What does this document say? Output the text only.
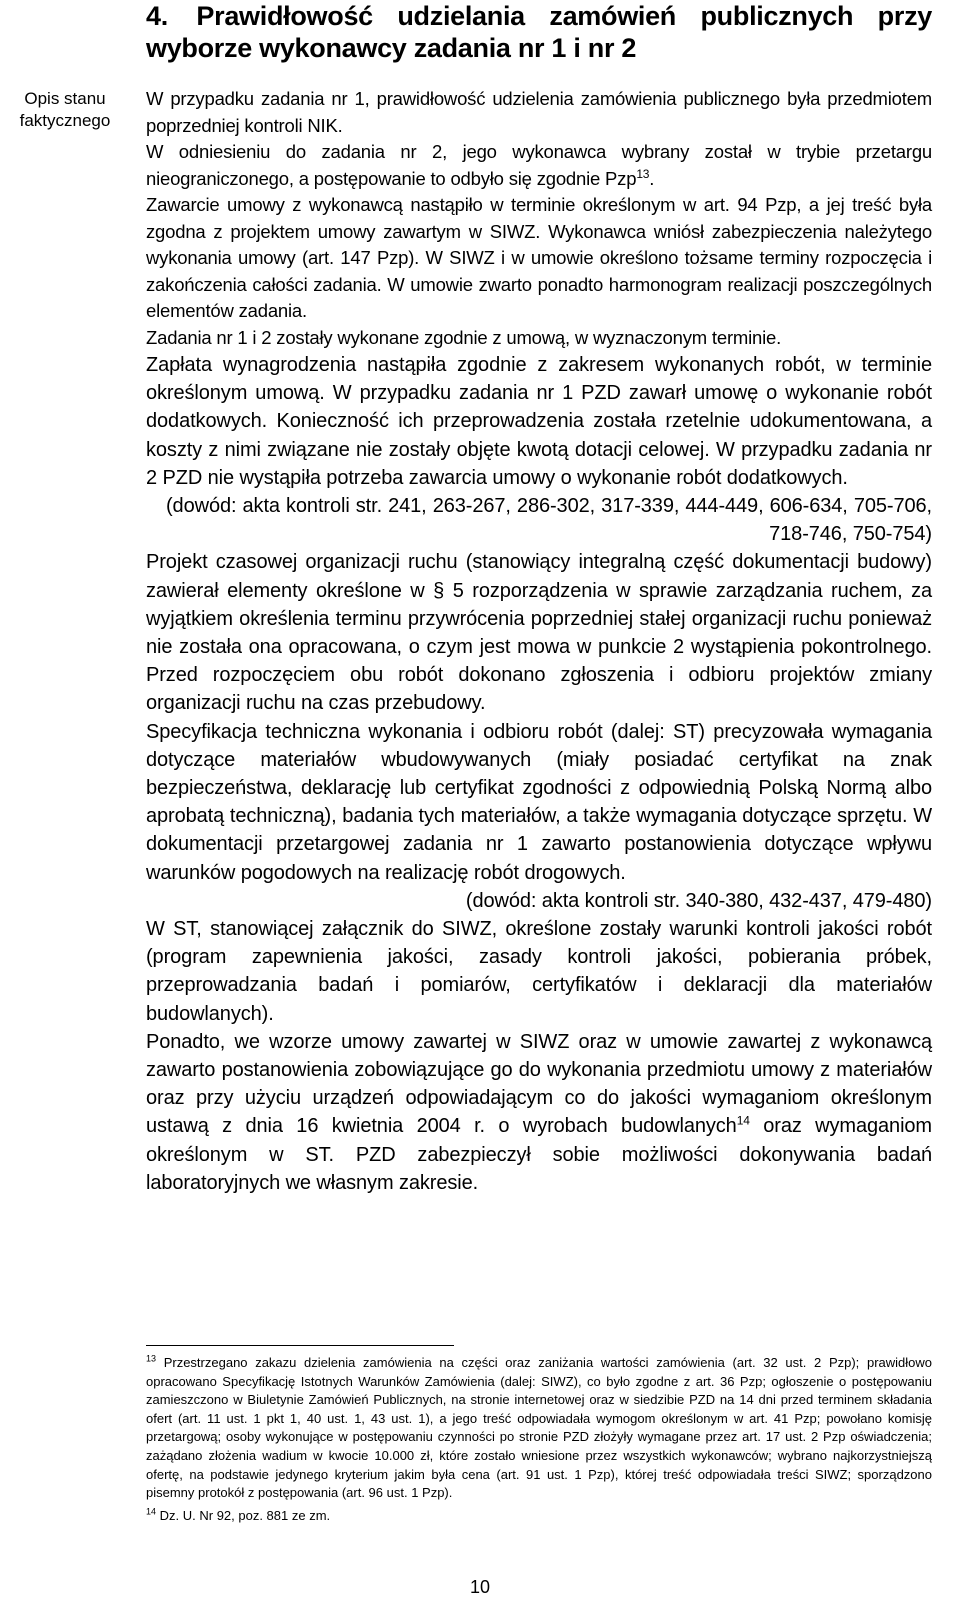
4. Prawidłowość udzielania zamówień publicznych przy wyborze wykonawcy zadania nr 1 i nr 2
Opis stanu faktycznego

W przypadku zadania nr 1, prawidłowość udzielenia zamówienia publicznego była przedmiotem poprzedniej kontroli NIK.

W odniesieniu do zadania nr 2, jego wykonawca wybrany został w trybie przetargu nieograniczonego, a postępowanie to odbyło się zgodnie Pzp$^{13}$.

Zawarcie umowy z wykonawcą nastąpiło w terminie określonym w art. 94 Pzp, a jej treść była zgodna z projektem umowy zawartym w SIWZ. Wykonawca wniósł zabezpieczenia należytego wykonania umowy (art. 147 Pzp). W SIWZ i w umowie określono tożsame terminy rozpoczęcia i zakończenia całości zadania. W umowie zwarto ponadto harmonogram realizacji poszczególnych elementów zadania.

Zadania nr 1 i 2 zostały wykonane zgodnie z umową, w wyznaczonym terminie.

Zapłata wynagrodzenia nastąpiła zgodnie z zakresem wykonanych robót, w terminie określonym umową. W przypadku zadania nr 1 PZD zawarł umowę o wykonanie robót dodatkowych. Konieczność ich przeprowadzenia została rzetelnie udokumentowana, a koszty z nimi związane nie zostały objęte kwotą dotacji celowej. W przypadku zadania nr 2 PZD nie wystąpiła potrzeba zawarcia umowy o wykonanie robót dodatkowych.

(dowód: akta kontroli str. 241, 263-267, 286-302, 317-339, 444-449, 606-634, 705-706, 718-746, 750-754)

Projekt czasowej organizacji ruchu (stanowiący integralną część dokumentacji budowy) zawierał elementy określone w § 5 rozporządzenia w sprawie zarządzania ruchem, za wyjątkiem określenia terminu przywrócenia poprzedniej stałej organizacji ruchu ponieważ nie została ona opracowana, o czym jest mowa w punkcie 2 wystąpienia pokontrolnego. Przed rozpoczęciem obu robót dokonano zgłoszenia i odbioru projektów zmiany organizacji ruchu na czas przebudowy.

Specyfikacja techniczna wykonania i odbioru robót (dalej: ST) precyzowała wymagania dotyczące materiałów wbudowywanych (miały posiadać certyfikat na znak bezpieczeństwa, deklarację lub certyfikat zgodności z odpowiednią Polską Normą albo aprobatą techniczną), badania tych materiałów, a także wymagania dotyczące sprzętu. W dokumentacji przetargowej zadania nr 1 zawarto postanowienia dotyczące wpływu warunków pogodowych na realizację robót drogowych.

(dowód: akta kontroli str. 340-380, 432-437, 479-480)

W ST, stanowiącej załącznik do SIWZ, określone zostały warunki kontroli jakości robót (program zapewnienia jakości, zasady kontroli jakości, pobierania próbek, przeprowadzania badań i pomiarów, certyfikatów i deklaracji dla materiałów budowlanych).

Ponadto, we wzorze umowy zawartej w SIWZ oraz w umowie zawartej z wykonawcą zawarto postanowienia zobowiązujące go do wykonania przedmiotu umowy z materiałów oraz przy użyciu urządzeń odpowiadającym co do jakości wymaganiom określonym ustawą z dnia 16 kwietnia 2004 r. o wyrobach budowlanych$^{14}$ oraz wymaganiom określonym w ST. PZD zabezpieczył sobie możliwości dokonywania badań laboratoryjnych we własnym zakresie.

$^{13}$ Przestrzegano zakazu dzielenia zamówienia na części oraz zaniżania wartości zamówienia (art. 32 ust. 2 Pzp); prawidłowo opracowano Specyfikację Istotnych Warunków Zamówienia (dalej: SIWZ), co było zgodne z art. 36 Pzp; ogłoszenie o postępowaniu zamieszczono w Biuletynie Zamówień Publicznych, na stronie internetowej oraz w siedzibie PZD na 14 dni przed terminem składania ofert (art. 11 ust. 1 pkt 1, 40 ust. 1, 43 ust. 1), a jego treść odpowiadała wymogom określonym w art. 41 Pzp; powołano komisję przetargową; osoby wykonujące w postępowaniu czynności po stronie PZD złożyły wymagane przez art. 17 ust. 2 Pzp oświadczenia; zażądano złożenia wadium w kwocie 10.000 zł, które zostało wniesione przez wszystkich wykonawców; wybrano najkorzystniejszą ofertę, na podstawie jedynego kryterium jakim była cena (art. 91 ust. 1 Pzp), której treść odpowiadała treści SIWZ; sporządzono pisemny protokół z postępowania (art. 96 ust. 1 Pzp).

$^{14}$ Dz. U. Nr 92, poz. 881 ze zm.

10
